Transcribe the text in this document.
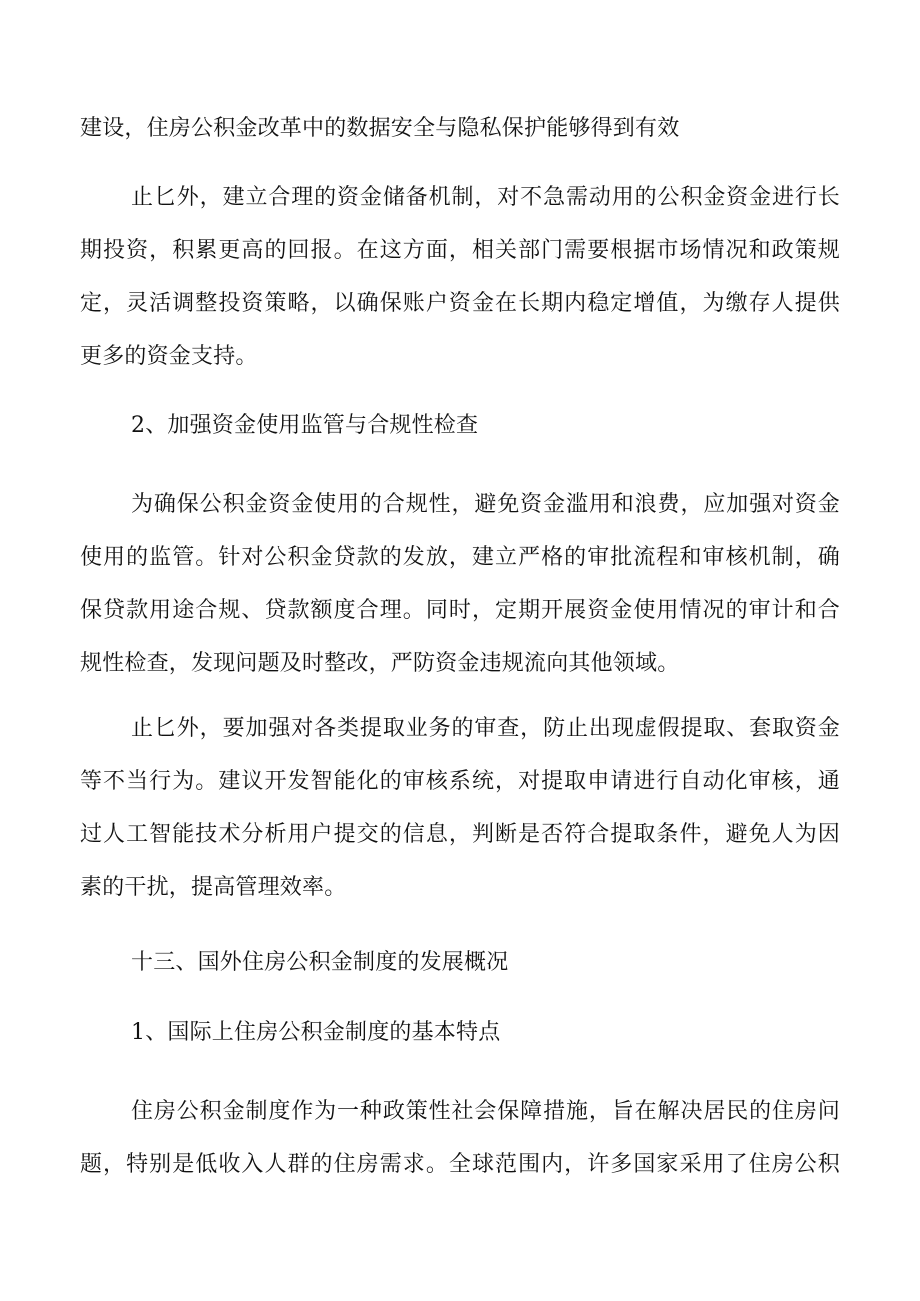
建设，住房公积金改革中的数据安全与隐私保护能够得到有效
止匕外，建立合理的资金储备机制，对不急需动用的公积金资金进行长
期投资，积累更高的回报。在这方面，相关部门需要根据市场情况和政策规
定，灵活调整投资策略，以确保账户资金在长期内稳定增值，为缴存人提供
更多的资金支持。
2、加强资金使用监管与合规性检查
为确保公积金资金使用的合规性，避免资金滥用和浪费，应加强对资金
使用的监管。针对公积金贷款的发放，建立严格的审批流程和审核机制，确
保贷款用途合规、贷款额度合理。同时，定期开展资金使用情况的审计和合
规性检查，发现问题及时整改，严防资金违规流向其他领域。
止匕外，要加强对各类提取业务的审查，防止出现虚假提取、套取资金
等不当行为。建议开发智能化的审核系统，对提取申请进行自动化审核，通
过人工智能技术分析用户提交的信息，判断是否符合提取条件，避免人为因
素的干扰，提高管理效率。
十三、国外住房公积金制度的发展概况
1、国际上住房公积金制度的基本特点
住房公积金制度作为一种政策性社会保障措施，旨在解决居民的住房问
题，特别是低收入人群的住房需求。全球范围内，许多国家采用了住房公积
